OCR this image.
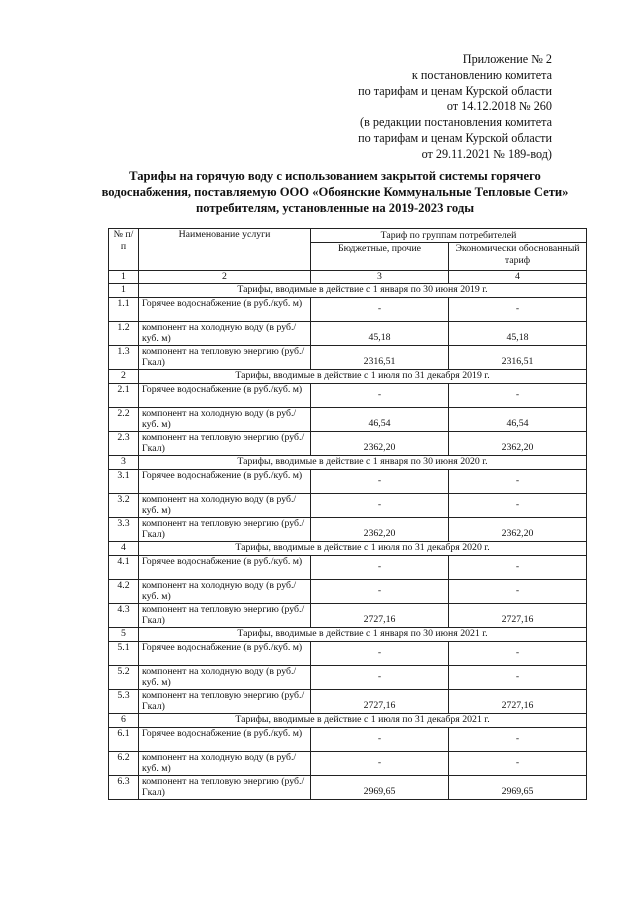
Приложение № 2
к постановлению комитета
по тарифам и ценам Курской области
от 14.12.2018 № 260
(в редакции постановления комитета
по тарифам и ценам Курской области
от 29.11.2021 № 189-вод)
Тарифы на горячую воду с использованием закрытой системы горячего
водоснабжения, поставляемую ООО «Обоянские Коммунальные Тепловые Сети»
потребителям, установленные на 2019-2023 годы
№ п/п	Наименование услуги	Тариф по группам потребителей	
		Бюджетные, прочие	Экономически обоснованный тариф
1	2	3	4
1	Тарифы, вводимые в действие с 1 января по 30 июня 2019 г.		
1.1	Горячее водоснабжение (в руб./куб. м)	-	-
1.2	компонент на холодную воду (в руб./куб. м)	45,18	45,18
1.3	компонент на тепловую энергию (руб./Гкал)	2316,51	2316,51
2	Тарифы, вводимые в действие с 1 июля по 31 декабря 2019 г.		
2.1	Горячее водоснабжение (в руб./куб. м)	-	-
2.2	компонент на холодную воду (в руб./куб. м)	46,54	46,54
2.3	компонент на тепловую энергию (руб./Гкал)	2362,20	2362,20
3	Тарифы, вводимые в действие с 1 января по 30 июня 2020 г.		
3.1	Горячее водоснабжение (в руб./куб. м)	-	-
3.2	компонент на холодную воду (в руб./куб. м)	-	-
3.3	компонент на тепловую энергию (руб./Гкал)	2362,20	2362,20
4	Тарифы, вводимые в действие с 1 июля по 31 декабря 2020 г.		
4.1	Горячее водоснабжение (в руб./куб. м)	-	-
4.2	компонент на холодную воду (в руб./куб. м)	-	-
4.3	компонент на тепловую энергию (руб./Гкал)	2727,16	2727,16
5	Тарифы, вводимые в действие с 1 января по 30 июня 2021 г.		
5.1	Горячее водоснабжение (в руб./куб. м)	-	-
5.2	компонент на холодную воду (в руб./куб. м)	-	-
5.3	компонент на тепловую энергию (руб./Гкал)	2727,16	2727,16
6	Тарифы, вводимые в действие с 1 июля по 31 декабря 2021 г.		
6.1	Горячее водоснабжение (в руб./куб. м)	-	-
6.2	компонент на холодную воду (в руб./куб. м)	-	-
6.3	компонент на тепловую энергию (руб./Гкал)	2969,65	2969,65
